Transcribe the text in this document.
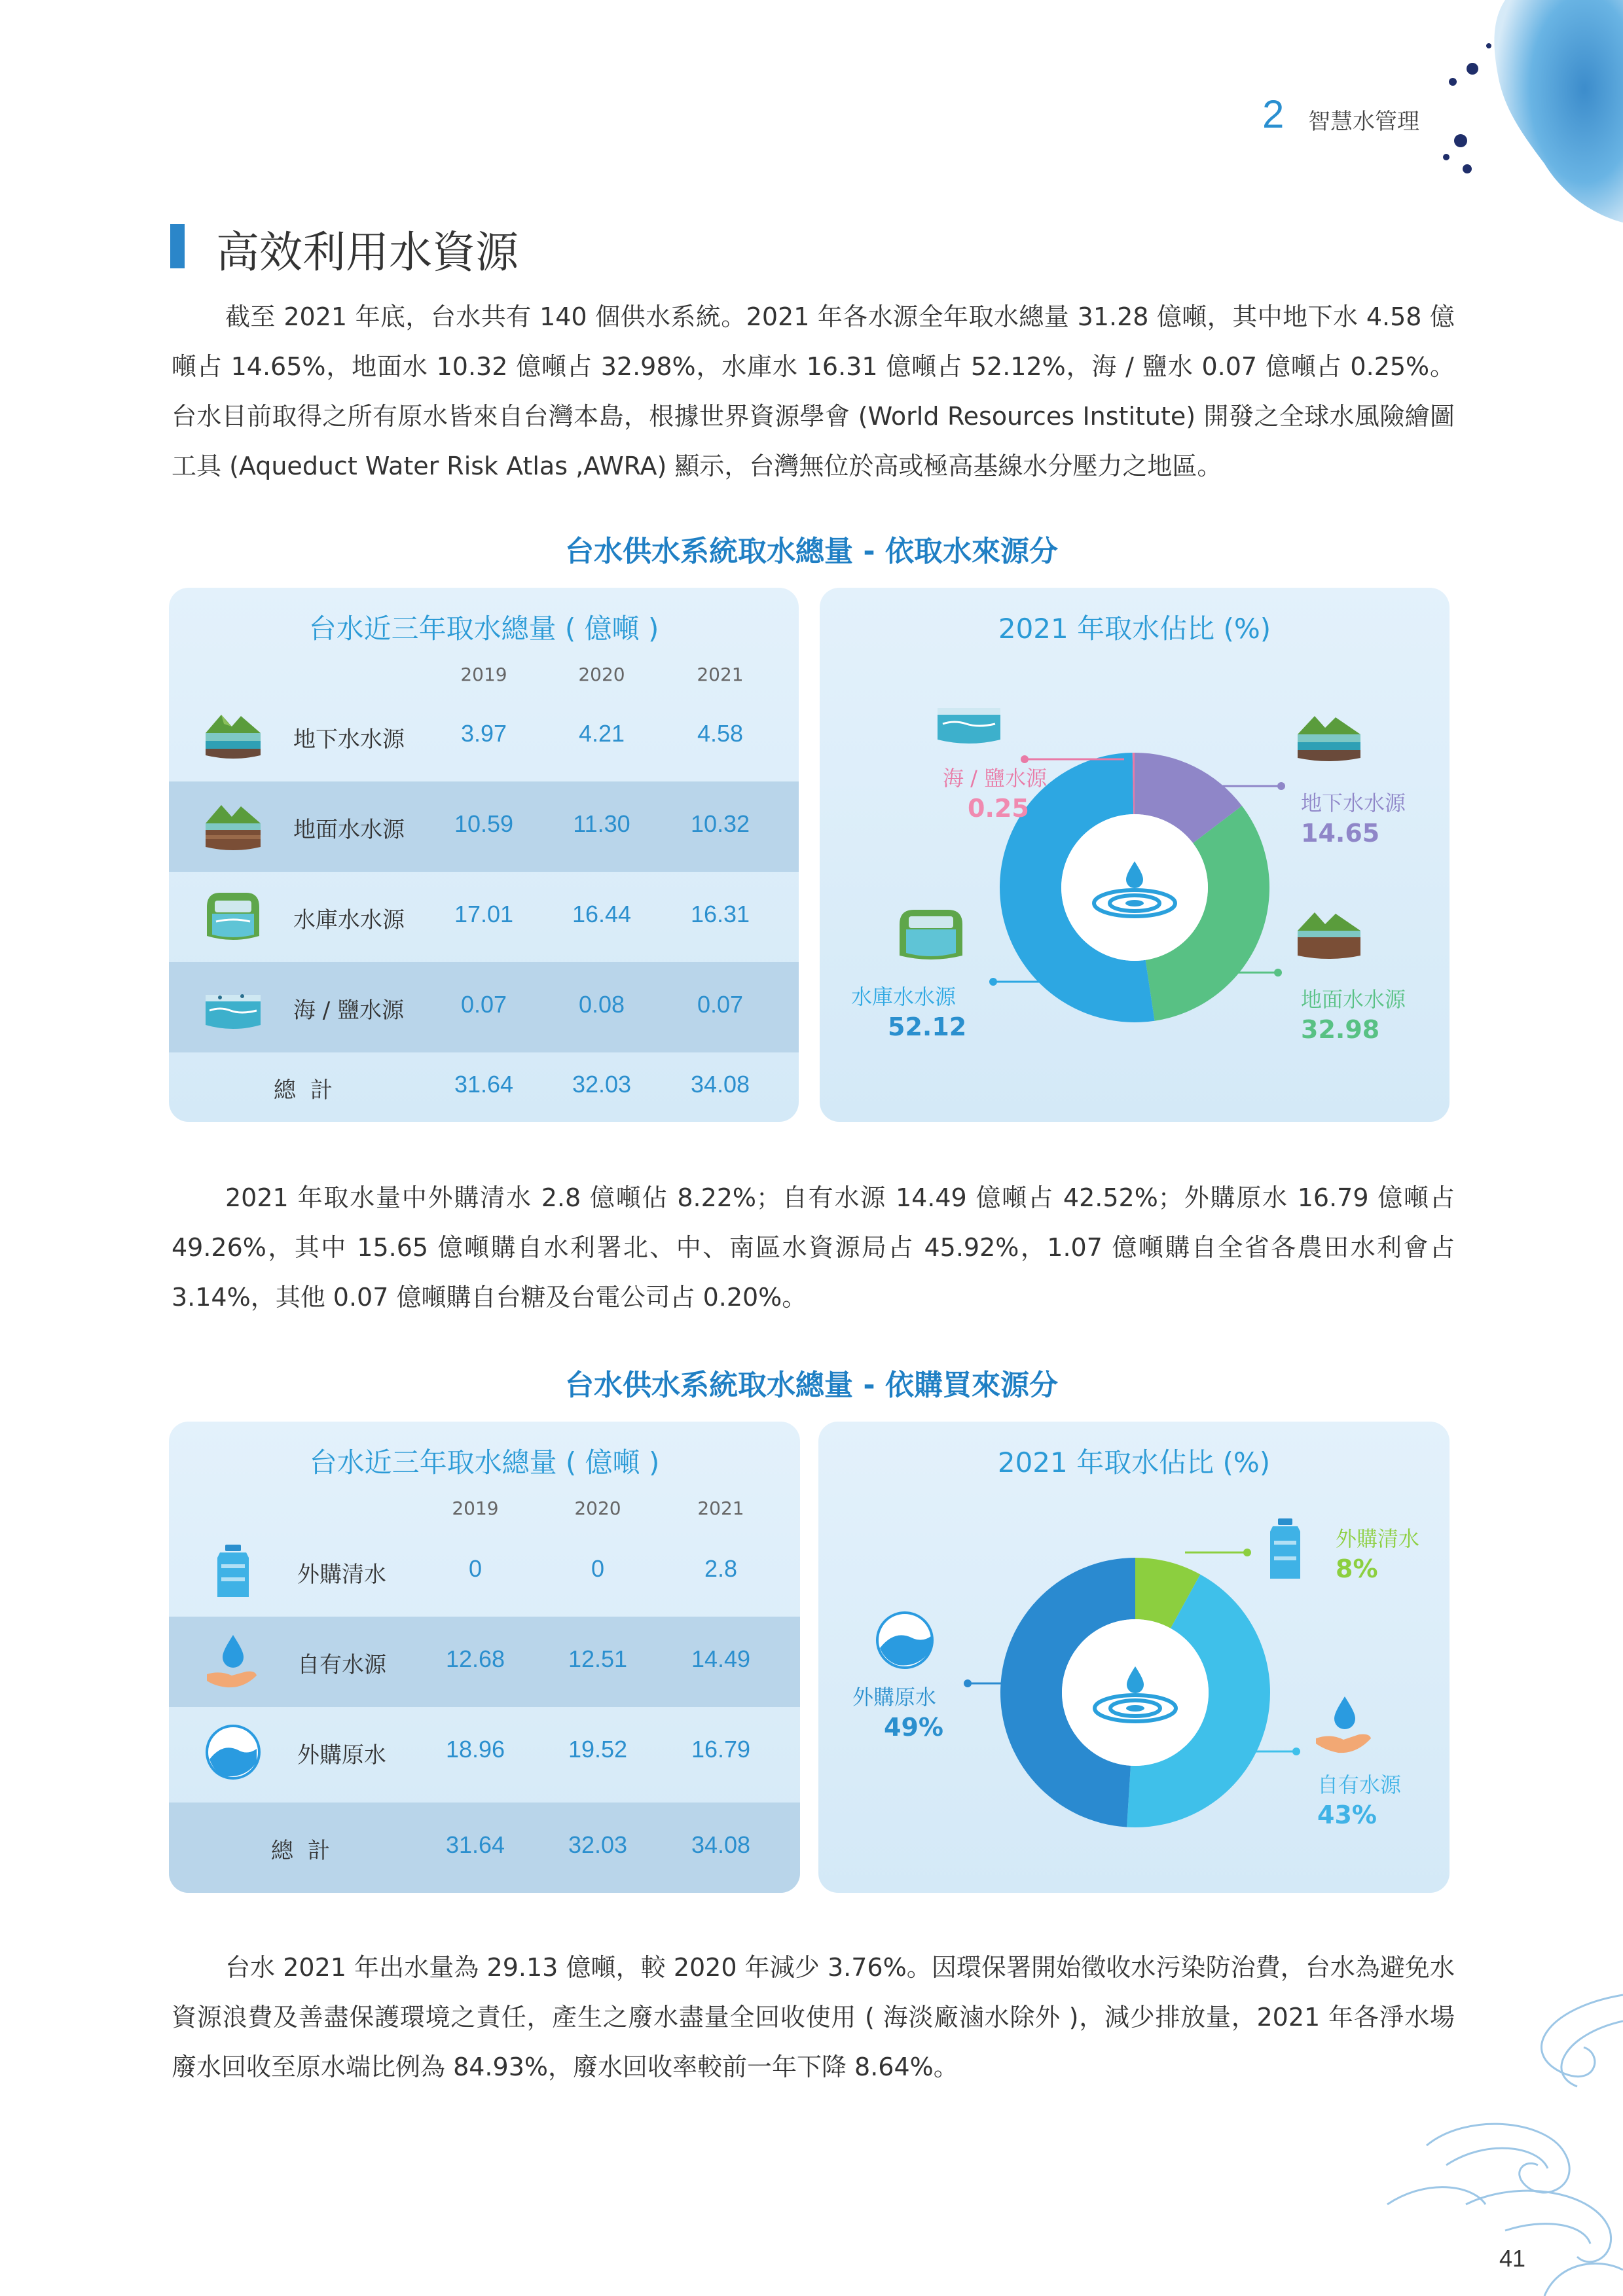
2 智慧水管理
高效利用水資源

截至 2021 年底，台水共有 140 個供水系統。2021 年各水源全年取水總量 31.28 億噸，其中地下水 4.58 億噸占 14.65%，地面水 10.32 億噸占 32.98%，水庫水 16.31 億噸占 52.12%，海 / 鹽水 0.07 億噸占 0.25%。台水目前取得之所有原水皆來自台灣本島，根據世界資源學會 (World Resources Institute) 開發之全球水風險繪圖工具 (Aqueduct Water Risk Atlas ,AWRA) 顯示，台灣無位於高或極高基線水分壓力之地區。

台水供水系統取水總量 - 依取水來源分
台水近三年取水總量 ( 億噸 )
2019	2020	2021
地下水水源	3.97	4.21	4.58
地面水水源	10.59	11.30	10.32
水庫水水源	17.01	16.44	16.31
海 / 鹽水源	0.07	0.08	0.07
總計	31.64	32.03	34.08
2021 年取水佔比 (%)
海 / 鹽水源
0.25	地下水水源
14.65
地面水水源
32.98
水庫水水源
52.12

2021 年取水量中外購清水 2.8 億噸佔 8.22%；自有水源 14.49 億噸占 42.52%；外購原水 16.79 億噸占 49.26%，其中 15.65 億噸購自水利署北、中、南區水資源局占 45.92%，1.07 億噸購自全省各農田水利會占 3.14%，其他 0.07 億噸購自台糖及台電公司占 0.20%。

台水供水系統取水總量 - 依購買來源分
台水近三年取水總量 ( 億噸 )
2019	2020	2021
外購清水	0	0	2.8
自有水源	12.68	12.51	14.49
外購原水	18.96	19.52	16.79
總計	31.64	32.03	34.08
2021 年取水佔比 (%)
外購清水
8%
外購原水
49%
自有水源
43%

台水 2021 年出水量為 29.13 億噸，較 2020 年減少 3.76%。因環保署開始徵收水污染防治費，台水為避免水資源浪費及善盡保護環境之責任，產生之廢水盡量全回收使用 ( 海淡廠滷水除外 )，減少排放量，2021 年各淨水場廢水回收至原水端比例為 84.93%，廢水回收率較前一年下降 8.64%。

41
